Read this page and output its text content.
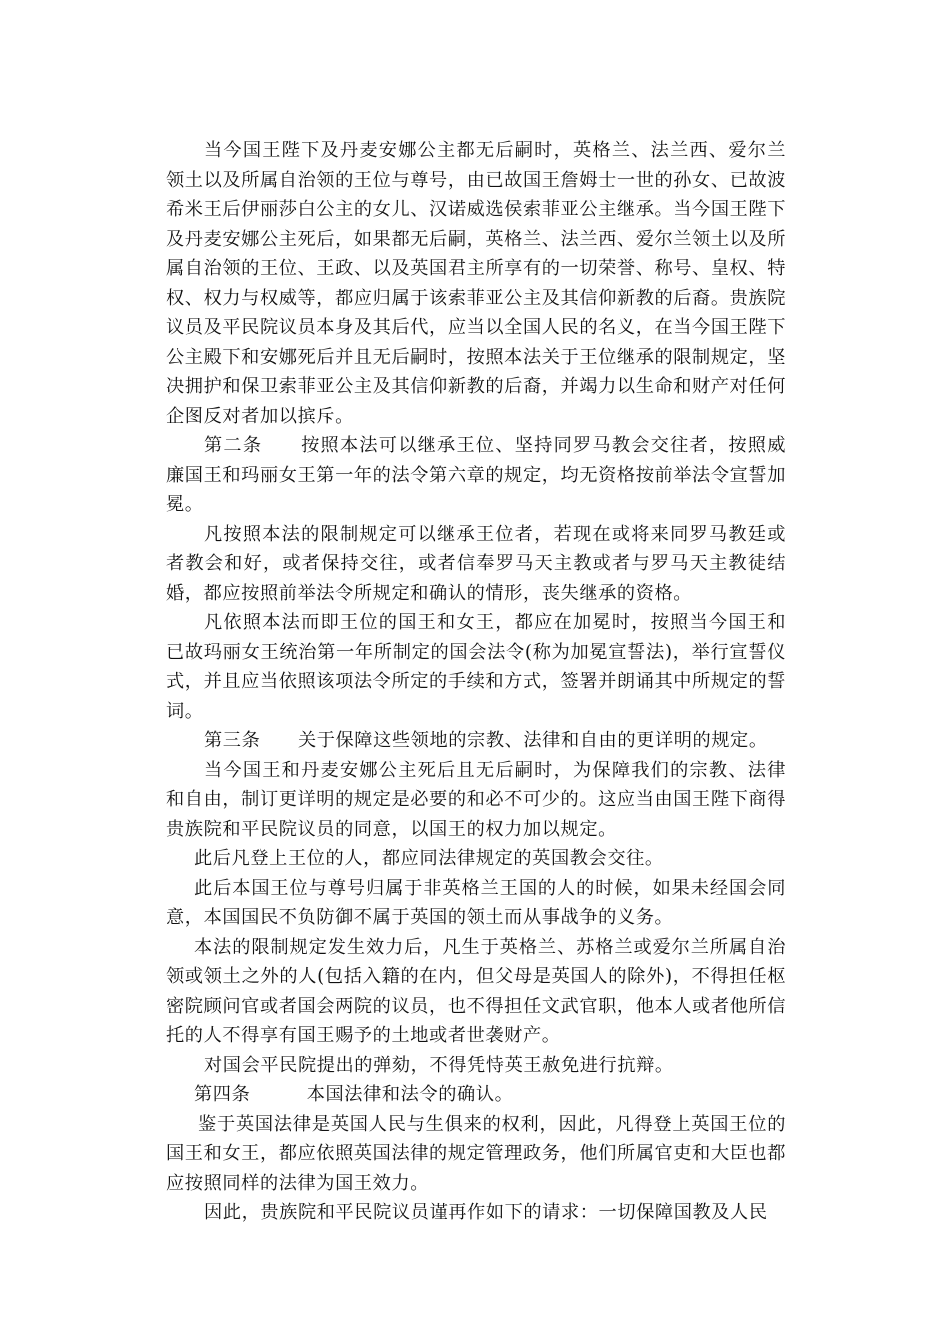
当今国王陛下及丹麦安娜公主都无后嗣时，英格兰、法兰西、爱尔兰领土以及所属自治领的王位与尊号，由已故国王詹姆士一世的孙女、已故波希米王后伊丽莎白公主的女儿、汉诺威选侯索菲亚公主继承。当今国王陛下及丹麦安娜公主死后，如果都无后嗣，英格兰、法兰西、爱尔兰领土以及所属自治领的王位、王政、以及英国君主所享有的一切荣誉、称号、皇权、特权、权力与权威等，都应归属于该索菲亚公主及其信仰新教的后裔。贵族院议员及平民院议员本身及其后代，应当以全国人民的名义，在当今国王陛下公主殿下和安娜死后并且无后嗣时，按照本法关于王位继承的限制规定，坚决拥护和保卫索菲亚公主及其信仰新教的后裔，并竭力以生命和财产对任何企图反对者加以摈斥。

第二条　　按照本法可以继承王位、坚持同罗马教会交往者，按照威廉国王和玛丽女王第一年的法令第六章的规定，均无资格按前举法令宣誓加冕。

凡按照本法的限制规定可以继承王位者，若现在或将来同罗马教廷或者教会和好，或者保持交往，或者信奉罗马天主教或者与罗马天主教徒结婚，都应按照前举法令所规定和确认的情形，丧失继承的资格。

凡依照本法而即王位的国王和女王，都应在加冕时，按照当今国王和已故玛丽女王统治第一年所制定的国会法令(称为加冕宣誓法)，举行宣誓仪式，并且应当依照该项法令所定的手续和方式，签署并朗诵其中所规定的誓词。

第三条　　关于保障这些领地的宗教、法律和自由的更详明的规定。

当今国王和丹麦安娜公主死后且无后嗣时，为保障我们的宗教、法律和自由，制订更详明的规定是必要的和必不可少的。这应当由国王陛下商得贵族院和平民院议员的同意，以国王的权力加以规定。

此后凡登上王位的人，都应同法律规定的英国教会交往。

此后本国王位与尊号归属于非英格兰王国的人的时候，如果未经国会同意，本国国民不负防御不属于英国的领土而从事战争的义务。

本法的限制规定发生效力后，凡生于英格兰、苏格兰或爱尔兰所属自治领或领土之外的人(包括入籍的在内，但父母是英国人的除外)，不得担任枢密院顾问官或者国会两院的议员，也不得担任文武官职，他本人或者他所信托的人不得享有国王赐予的土地或者世袭财产。

对国会平民院提出的弹劾，不得凭恃英王赦免进行抗辩。

第四条　　　本国法律和法令的确认。

鉴于英国法律是英国人民与生俱来的权利，因此，凡得登上英国王位的国王和女王，都应依照英国法律的规定管理政务，他们所属官吏和大臣也都应按照同样的法律为国王效力。

因此，贵族院和平民院议员谨再作如下的请求：一切保障国教及人民
